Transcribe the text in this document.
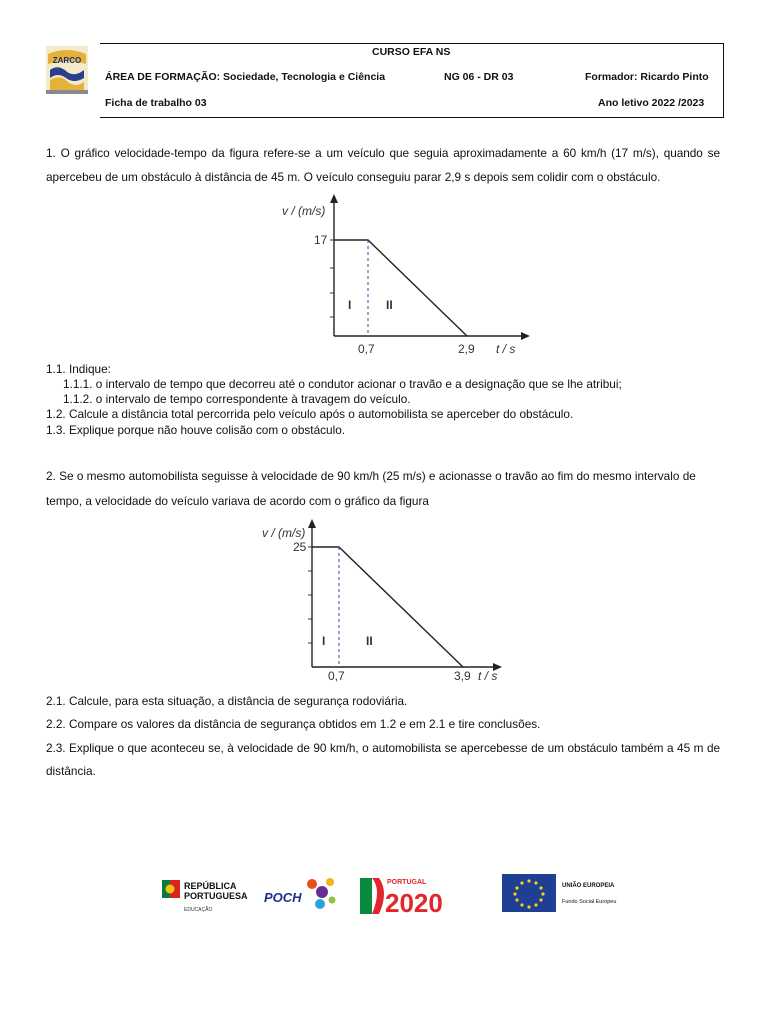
ZARCO
CURSO EFA NS
ÁREA DE FORMAÇÃO: Sociedade, Tecnologia e Ciência	NG 06 - DR 03	Formador: Ricardo Pinto
Ficha de trabalho 03	Ano letivo 2022 /2023
1. O gráfico velocidade-tempo da figura refere-se a um veículo que seguia aproximadamente a 60 km/h (17 m/s), quando se
apercebeu de um obstáculo à distância de 45 m. O veículo conseguiu parar 2,9 s depois sem colidir com o obstáculo.
v / (m/s)
17
0,7	2,9 t / s
I	II
1.1. Indique:
1.1.1. o intervalo de tempo que decorreu até o condutor acionar o travão e a designação que se lhe atribui;
1.1.2. o intervalo de tempo correspondente à travagem do veículo.
1.2. Calcule a distância total percorrida pelo veículo após o automobilista se aperceber do obstáculo.
1.3. Explique porque não houve colisão com o obstáculo.
2. Se o mesmo automobilista seguisse à velocidade de 90 km/h (25 m/s) e acionasse o travão ao fim do mesmo intervalo de
tempo, a velocidade do veículo variava de acordo com o gráfico da figura
v / (m/s)
25
0,7	3,9 t / s
I	II
2.1. Calcule, para esta situação, a distância de segurança rodoviária.
2.2. Compare os valores da distância de segurança obtidos em 1.2 e em 2.1 e tire conclusões.
2.3. Explique o que aconteceu se, à velocidade de 90 km/h, o automobilista se apercebesse de um obstáculo também a 45 m de
distância.
REPÚBLICA
PORTUGUESA
EDUCAÇÃO
POCH
PORTUGAL
2020
UNIÃO EUROPEIA
Fundo Social Europeu
